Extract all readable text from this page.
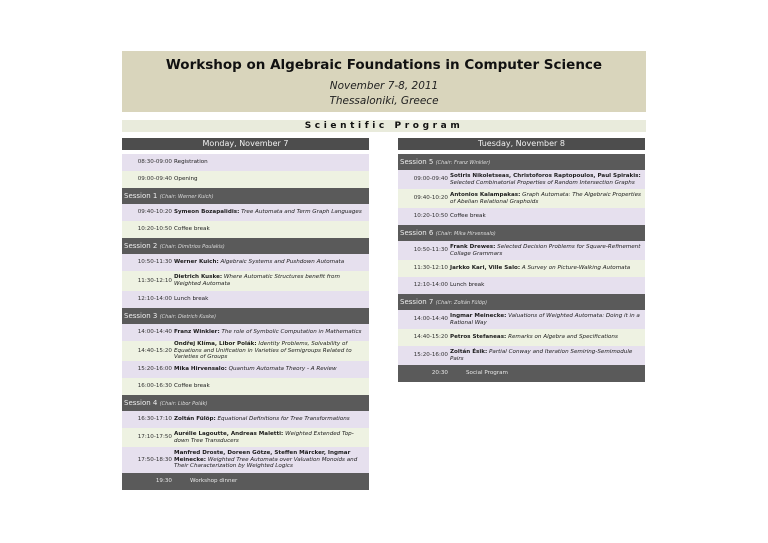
Workshop on Algebraic Foundations in Computer Science
November 7-8, 2011
Thessaloniki, Greece
Scientific Program
Monday, November 7
08:30-09:00 Registration
09:00-09:40 Opening
Session 1 (Chair: Werner Kuich)
09:40-10:20 Symeon Bozapalidis: Tree Automata and Term Graph Languages
10:20-10:50 Coffee break
Session 2 (Chair: Dimitrios Poulakis)
10:50-11:30 Werner Kuich: Algebraic Systems and Pushdown Automata
11:30-12:10
Dietrich Kuske: Where Automatic Structures benefit from Weighted Automata
12:10-14:00 Lunch break
Session 3 (Chair: Dietrich Kuske)
14:00-14:40 Franz Winkler: The role of Symbolic Computation in Mathematics
14:40-15:20
Ondřej Klíma, Libor Polák: Identity Problems, Solvability of Equations and Unification in Varieties of Semigroups Related to Varieties of Groups
15:20-16:00 Mika Hirvensalo: Quantum Automata Theory - A Review
16:00-16:30 Coffee break
Session 4 (Chair: Libor Polák)
16:30-17:10 Zoltán Fülöp: Equational Definitions for Tree Transformations
17:10-17:50
Aurélie Lagoutte, Andreas Maletti: Weighted Extended Top-down Tree Transducers
17:50-18:30
Manfred Droste, Doreen Götze, Steffen Märcker, Ingmar Meinecke: Weighted Tree Automata over Valuation Monoids and Their Characterization by Weighted Logics
19:30	Workshop dinner
Tuesday, November 8
Session 5 (Chair: Franz Winkler)
09:00-09:40
Sotiris Nikoletseas, Christoforos Raptopoulos, Paul Spirakis: Selected Combinatorial Properties of Random Intersection Graphs
09:40-10:20
Antonios Kalampakas: Graph Automata: The Algebraic Properties of Abelian Relational Graphoids
10:20-10:50 Coffee break
Session 6 (Chair: Mika Hirvensalo)
10:50-11:30
Frank Drewes: Selected Decision Problems for Square-Refinement Collage Grammars
11:30-12:10 Jarkko Kari, Ville Salo: A Survey on Picture-Walking Automata
12:10-14:00 Lunch break
Session 7 (Chair: Zoltán Fülöp)
14:00-14:40
Ingmar Meinecke: Valuations of Weighted Automata: Doing it in a Rational Way
14:40-15:20 Petros Stefaneas: Remarks on Algebra and Specifications
15:20-16:00
Zoltán Ésik: Partial Conway and Iteration Semiring-Semimodule Pairs
20:30	Social Program
